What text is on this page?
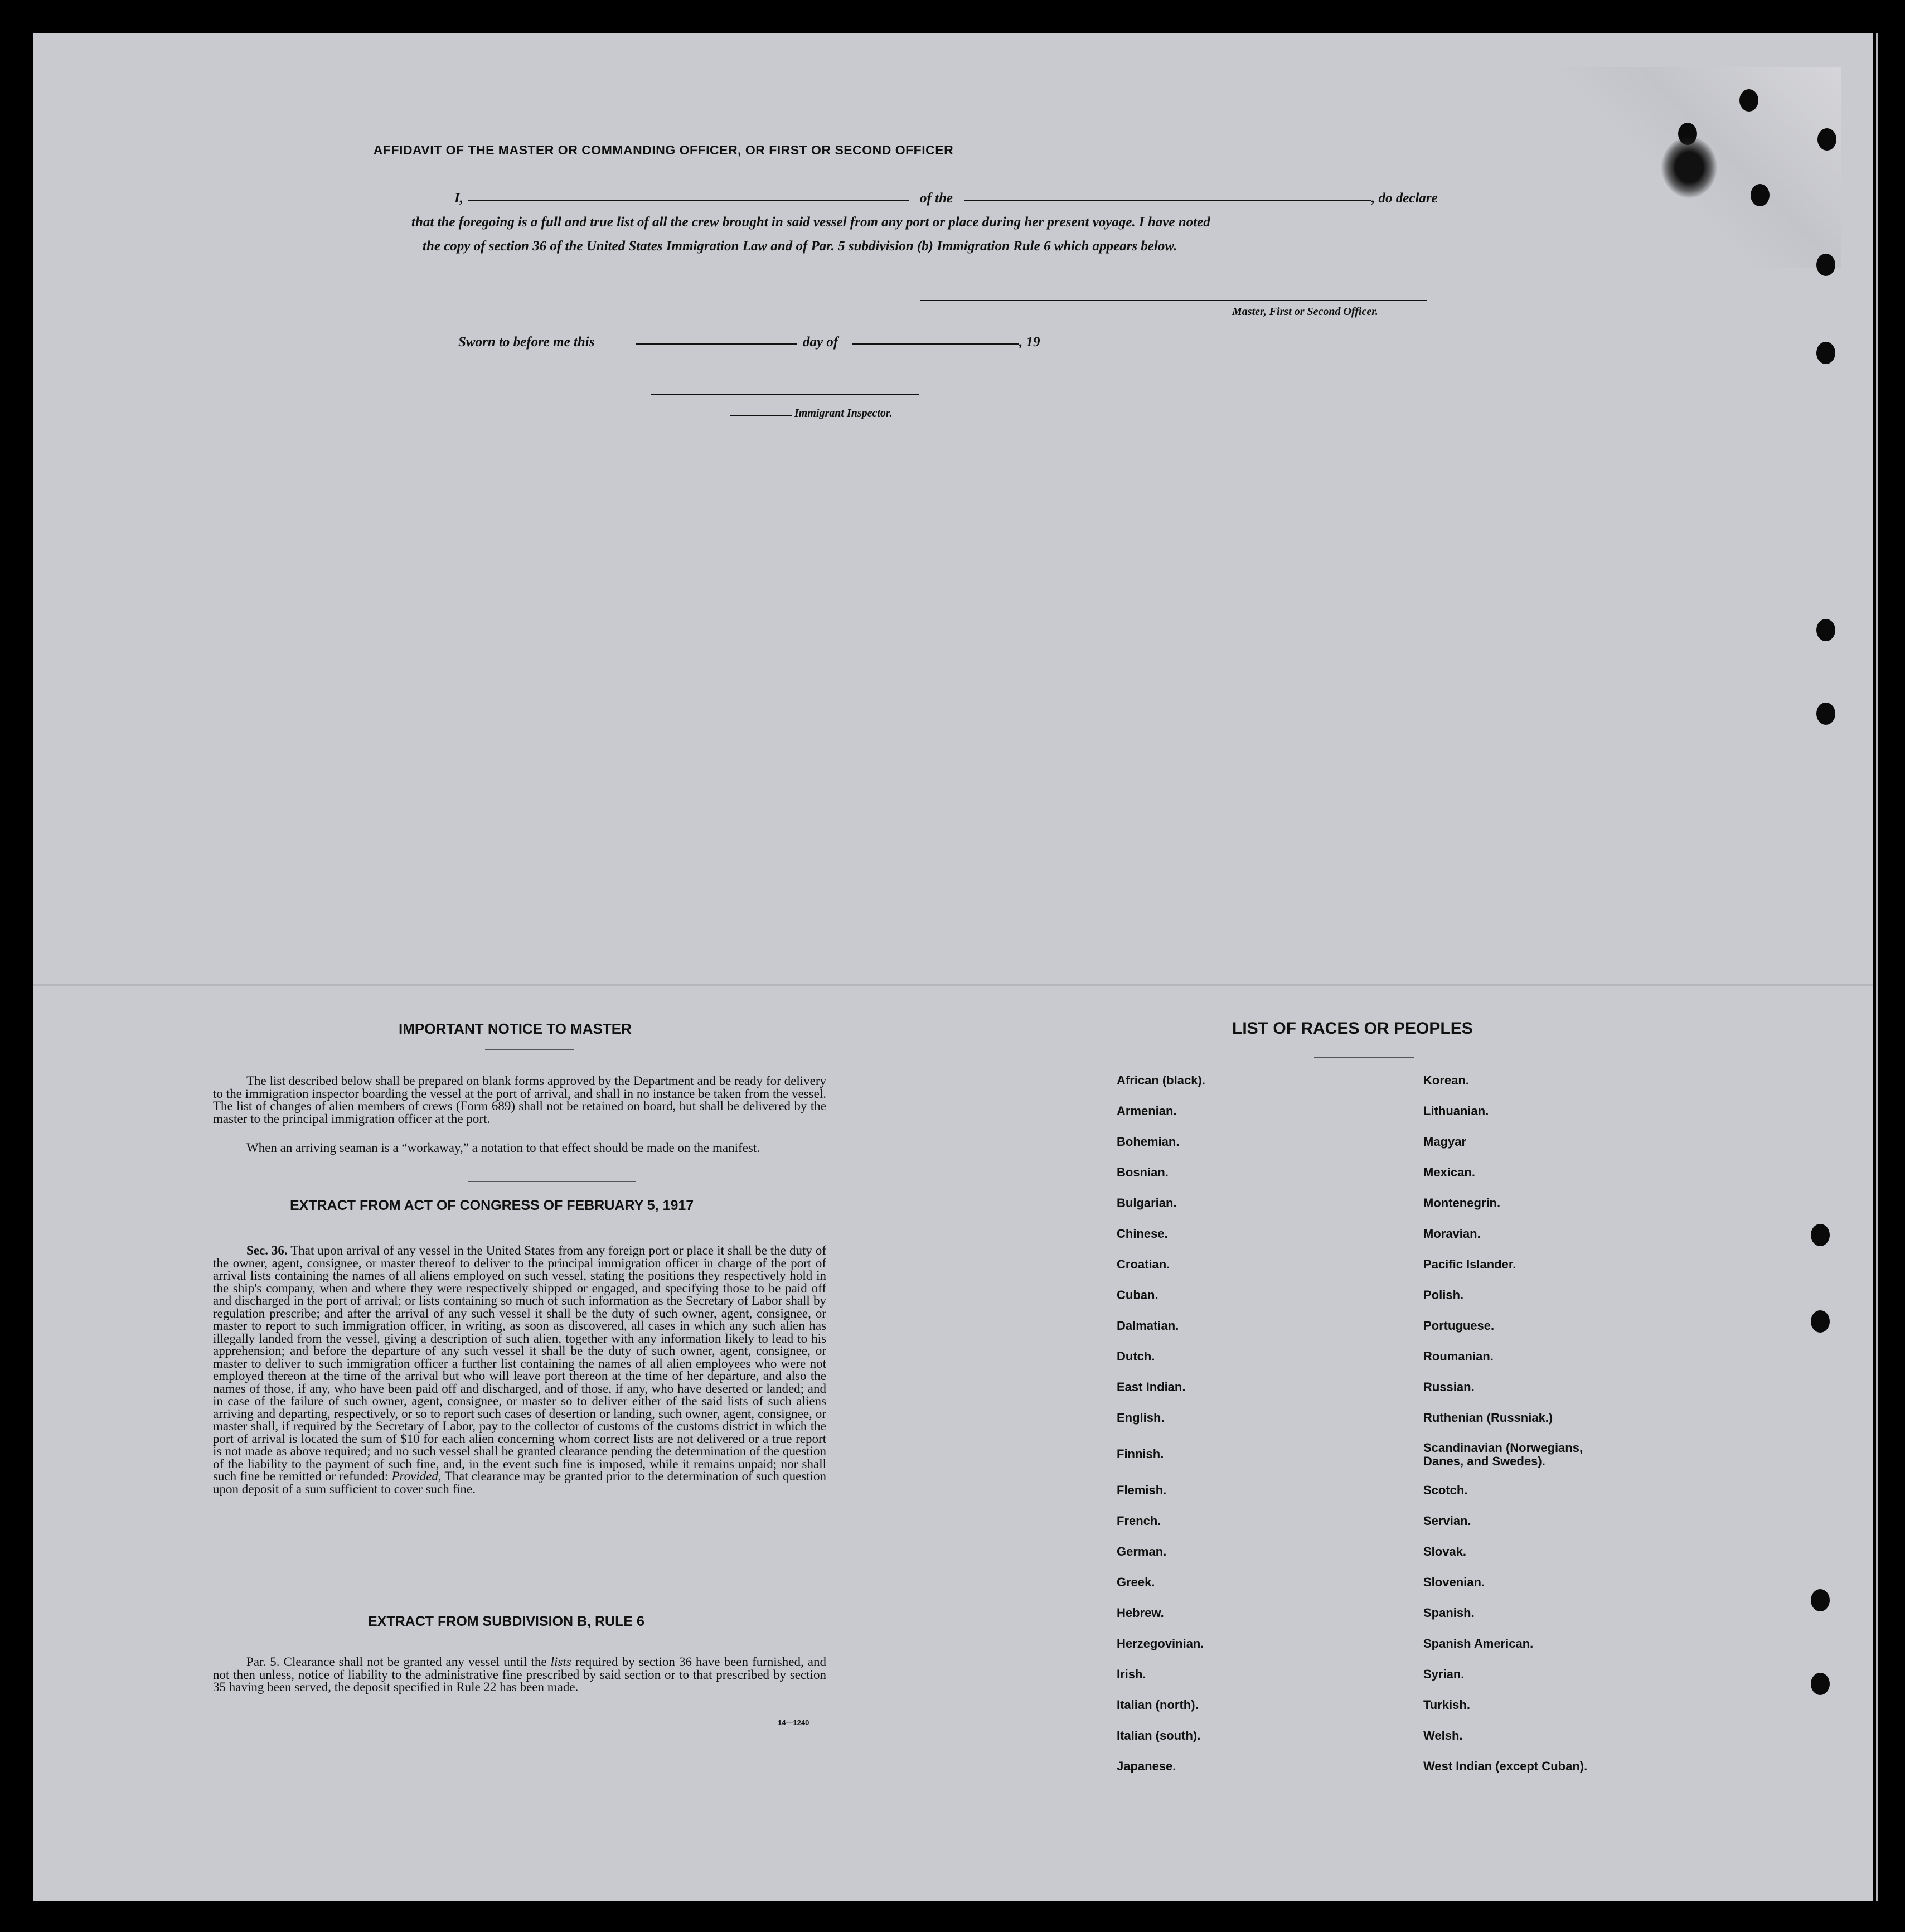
AFFIDAVIT OF THE MASTER OR COMMANDING OFFICER, OR FIRST OR SECOND OFFICER
I,	of the	, do declare
that the foregoing is a full and true list of all the crew brought in said vessel from any port or place during her present voyage. I have noted
the copy of section 36 of the United States Immigration Law and of Par. 5 subdivision (b) Immigration Rule 6 which appears below.
Master, First or Second Officer.
Sworn to before me this	day of	, 19
Immigrant Inspector.
IMPORTANT NOTICE TO MASTER
The list described below shall be prepared on blank forms approved by the Department and be ready for delivery to the immigration inspector boarding the vessel at the port of arrival, and shall in no instance be taken from the vessel. The list of changes of alien members of crews (Form 689) shall not be retained on board, but shall be delivered by the master to the principal immigration officer at the port.
When an arriving seaman is a “workaway,” a notation to that effect should be made on the manifest.
EXTRACT FROM ACT OF CONGRESS OF FEBRUARY 5, 1917
Sec. 36. That upon arrival of any vessel in the United States from any foreign port or place it shall be the duty of the owner, agent, consignee, or master thereof to deliver to the principal immigration officer in charge of the port of arrival lists containing the names of all aliens employed on such vessel, stating the positions they respectively hold in the ship's company, when and where they were respectively shipped or engaged, and specifying those to be paid off and discharged in the port of arrival; or lists containing so much of such information as the Secretary of Labor shall by regulation prescribe; and after the arrival of any such vessel it shall be the duty of such owner, agent, consignee, or master to report to such immigration officer, in writing, as soon as discovered, all cases in which any such alien has illegally landed from the vessel, giving a description of such alien, together with any information likely to lead to his apprehension; and before the departure of any such vessel it shall be the duty of such owner, agent, consignee, or master to deliver to such immigration officer a further list containing the names of all alien employees who were not employed thereon at the time of the arrival but who will leave port thereon at the time of her departure, and also the names of those, if any, who have been paid off and discharged, and of those, if any, who have deserted or landed; and in case of the failure of such owner, agent, consignee, or master so to deliver either of the said lists of such aliens arriving and departing, respectively, or so to report such cases of desertion or landing, such owner, agent, consignee, or master shall, if required by the Secretary of Labor, pay to the collector of customs of the customs district in which the port of arrival is located the sum of $10 for each alien concerning whom correct lists are not delivered or a true report is not made as above required; and no such vessel shall be granted clearance pending the determination of the question of the liability to the payment of such fine, and, in the event such fine is imposed, while it remains unpaid; nor shall such fine be remitted or refunded: Provided, That clearance may be granted prior to the determination of such question upon deposit of a sum sufficient to cover such fine.
EXTRACT FROM SUBDIVISION B, RULE 6
Par. 5. Clearance shall not be granted any vessel until the lists required by section 36 have been furnished, and not then unless, notice of liability to the administrative fine prescribed by said section or to that prescribed by section 35 having been served, the deposit specified in Rule 22 has been made.
14—1240
LIST OF RACES OR PEOPLES
African (black).
Armenian.
Bohemian.
Bosnian.
Bulgarian.
Chinese.
Croatian.
Cuban.
Dalmatian.
Dutch.
East Indian.
English.
Finnish.
Flemish.
French.
German.
Greek.
Hebrew.
Herzegovinian.
Irish.
Italian (north).
Italian (south).
Japanese.
Korean.
Lithuanian.
Magyar
Mexican.
Montenegrin.
Moravian.
Pacific Islander.
Polish.
Portuguese.
Roumanian.
Russian.
Ruthenian (Russniak.)
Scandinavian (Norwegians, Danes, and Swedes).
Scotch.
Servian.
Slovak.
Slovenian.
Spanish.
Spanish American.
Syrian.
Turkish.
Welsh.
West Indian (except Cuban).
